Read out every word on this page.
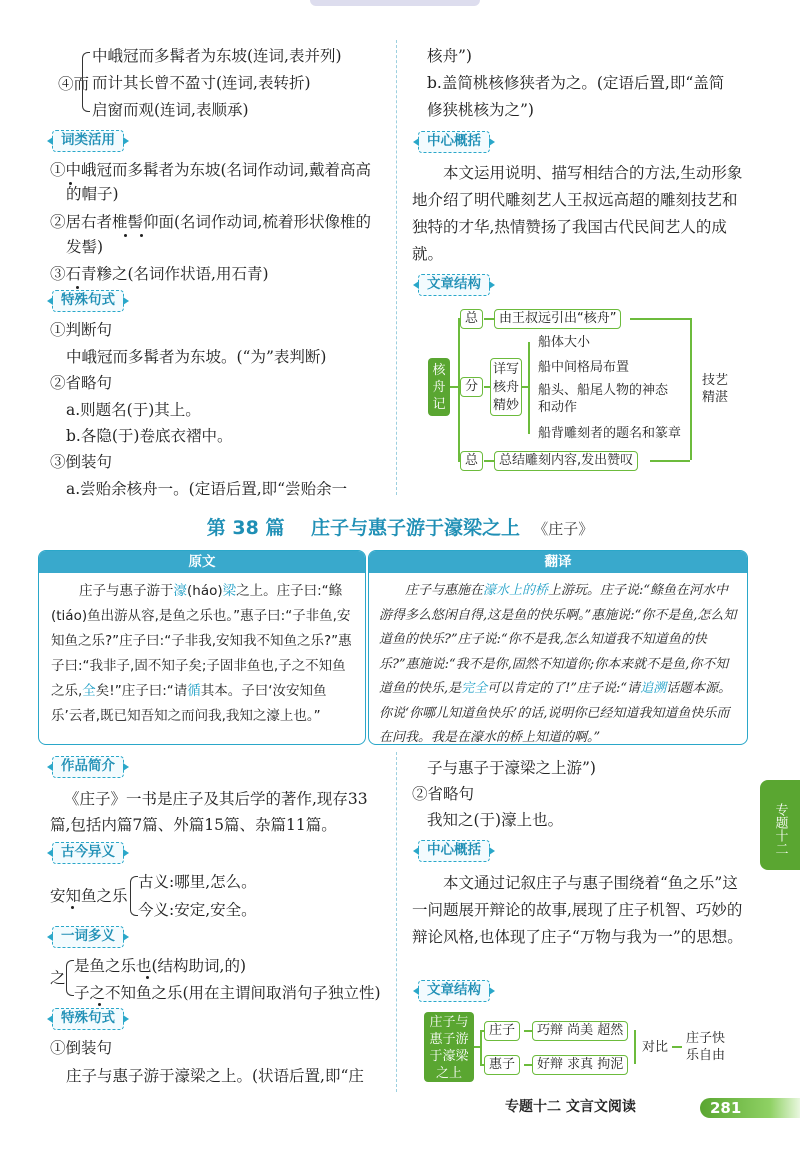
④而
中峨冠而多髯者为东坡(连词,表并列)
而计其长曾不盈寸(连词,表转折)
启窗而观(连词,表顺承)
词类活用
①中峨冠而多髯者为东坡(名词作动词,戴着高高
的帽子)
②居右者椎髻仰面(名词作动词,梳着形状像椎的
发髻)
③石青糁之(名词作状语,用石青)
特殊句式
①判断句
中峨冠而多髯者为东坡。(“为”表判断)
②省略句
a.则题名(于)其上。
b.各隐(于)卷底衣褶中。
③倒装句
a.尝贻余核舟一。(定语后置,即“尝贻余一
核舟”)
b.盖简桃核修狭者为之。(定语后置,即“盖简
修狭桃核为之”)
中心概括
本文运用说明、描写相结合的方法,生动形象地介绍了明代雕刻艺人王叔远高超的雕刻技艺和独特的才华,热情赞扬了我国古代民间艺人的成就。
文章结构
核舟记
总	由王叔远引出“核舟”
分
详写核舟精妙
船体大小
船中间格局布置
船头、船尾人物的神态和动作
船背雕刻者的题名和篆章
技艺精湛
总	总结雕刻内容,发出赞叹
第 38 篇 庄子与惠子游于濠梁之上 《庄子》
原文
庄子与惠子游于濠(háo)梁之上。庄子曰:“鲦(tiáo)鱼出游从容,是鱼之乐也。”惠子曰:“子非鱼,安知鱼之乐?”庄子曰:“子非我,安知我不知鱼之乐?”惠子曰:“我非子,固不知子矣;子固非鱼也,子之不知鱼之乐,全矣!”庄子曰:“请循其本。子曰‘汝安知鱼乐’云者,既已知吾知之而问我,我知之濠上也。”
翻译
庄子与惠施在濠水上的桥上游玩。庄子说:“鲦鱼在河水中游得多么悠闲自得,这是鱼的快乐啊。”惠施说:“你不是鱼,怎么知道鱼的快乐?”庄子说:“你不是我,怎么知道我不知道鱼的快乐?”惠施说:“我不是你,固然不知道你;你本来就不是鱼,你不知道鱼的快乐,是完全可以肯定的了!”庄子说:“请追溯话题本源。你说‘你哪儿知道鱼快乐’的话,说明你已经知道我知道鱼快乐而在问我。我是在濠水的桥上知道的啊。”
作品简介
《庄子》一书是庄子及其后学的著作,现存33篇,包括内篇7篇、外篇15篇、杂篇11篇。
古今异义
安知鱼之乐
古义:哪里,怎么。
今义:安定,安全。
一词多义
之
是鱼之乐也(结构助词,的)
子之不知鱼之乐(用在主谓间取消句子独立性)
特殊句式
①倒装句
庄子与惠子游于濠梁之上。(状语后置,即“庄
子与惠子于濠梁之上游”)
②省略句
我知之(于)濠上也。
中心概括
本文通过记叙庄子与惠子围绕着“鱼之乐”这一问题展开辩论的故事,展现了庄子机智、巧妙的辩论风格,也体现了庄子“万物与我为一”的思想。
文章结构
庄子与惠子游于濠梁之上
庄子	巧辩 尚美 超然
惠子	好辩 求真 拘泥
对比
庄子快乐自由
专题十二
专题十二 文言文阅读	281
